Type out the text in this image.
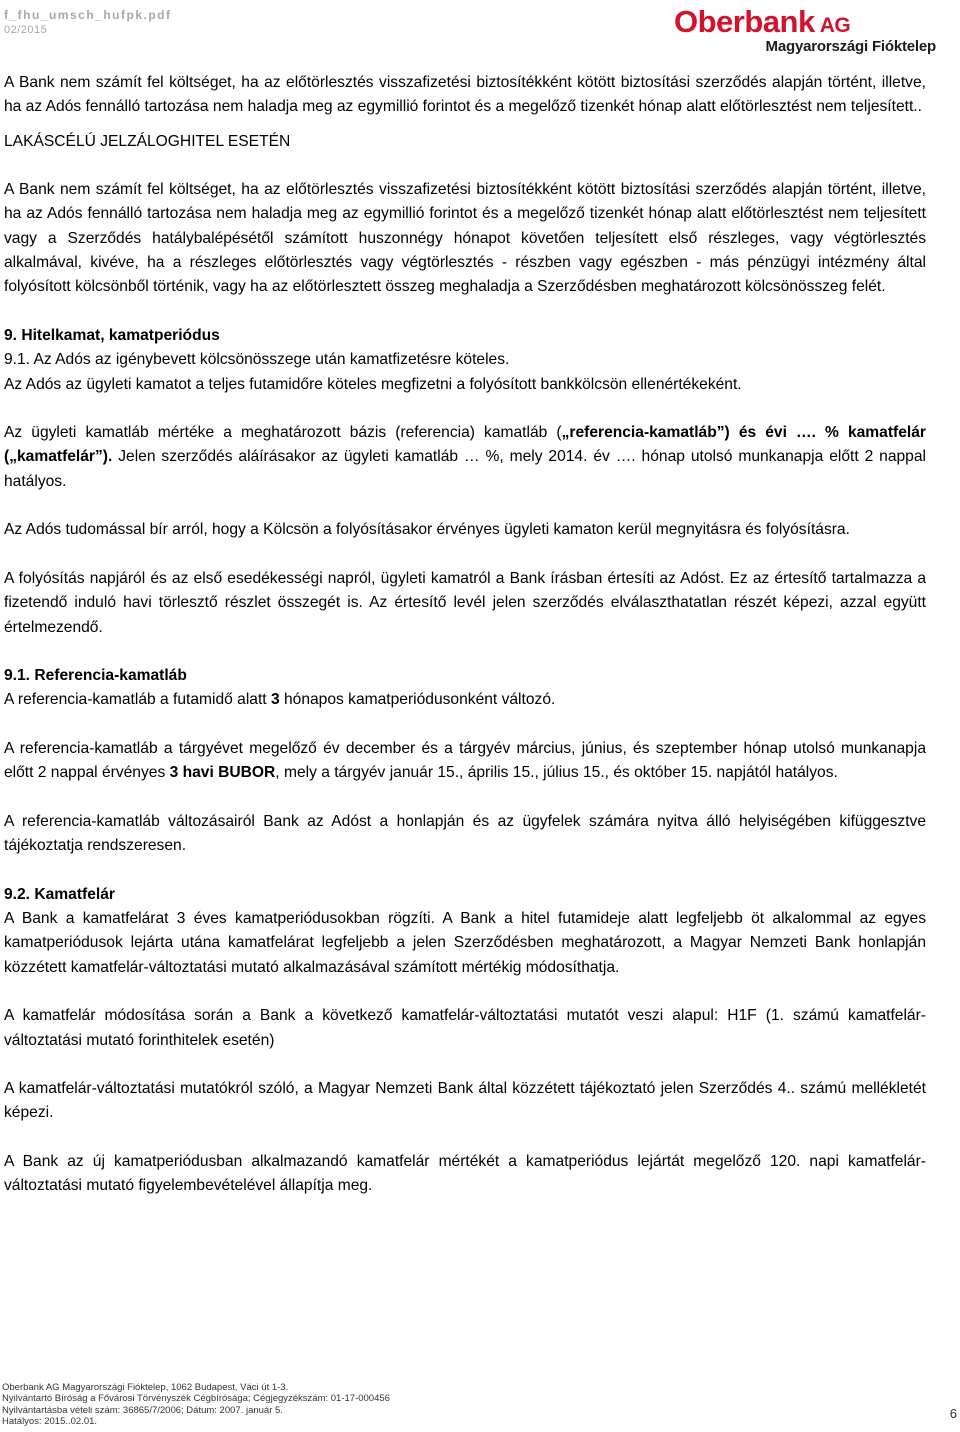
f_fhu_umsch_hufpk.pdf
02/2015	Oberbank AG
Magyarországi Fióktelep

A Bank nem számít fel költséget, ha az előtörlesztés visszafizetési biztosítékként kötött biztosítási szerződés alapján történt, illetve, ha az Adós fennálló tartozása nem haladja meg az egymillió forintot és a megelőző tizenkét hónap alatt előtörlesztést nem teljesített..

LAKÁSCÉLÚ JELZÁLOGHITEL ESETÉN

A Bank nem számít fel költséget, ha az előtörlesztés visszafizetési biztosítékként kötött biztosítási szerződés alapján történt, illetve, ha az Adós fennálló tartozása nem haladja meg az egymillió forintot és a megelőző tizenkét hónap alatt előtörlesztést nem teljesített vagy a Szerződés hatálybalépésétől számított huszonnégy hónapot követően teljesített első részleges, vagy végtörlesztés alkalmával, kivéve, ha a részleges előtörlesztés vagy végtörlesztés - részben vagy egészben - más pénzügyi intézmény által folyósított kölcsönből történik, vagy ha az előtörlesztett összeg meghaladja a Szerződésben meghatározott kölcsönösszeg felét.

9. Hitelkamat, kamatperiódus

9.1. Az Adós az igénybevett kölcsönösszege után kamatfizetésre köteles.

Az Adós az ügyleti kamatot a teljes futamidőre köteles megfizetni a folyósított bankkölcsön ellenértékeként.

Az ügyleti kamatláb mértéke a meghatározott bázis (referencia) kamatláb („referencia-kamatláb”) és évi …. % kamatfelár („kamatfelár”). Jelen szerződés aláírásakor az ügyleti kamatláb … %, mely 2014. év …. hónap utolsó munkanapja előtt 2 nappal hatályos.

Az Adós tudomással bír arról, hogy a Kölcsön a folyósításakor érvényes ügyleti kamaton kerül megnyitásra és folyósításra.

A folyósítás napjáról és az első esedékességi napról, ügyleti kamatról a Bank írásban értesíti az Adóst. Ez az értesítő tartalmazza a fizetendő induló havi törlesztő részlet összegét is. Az értesítő levél jelen szerződés elválaszthatatlan részét képezi, azzal együtt értelmezendő.

9.1. Referencia-kamatláb

A referencia-kamatláb a futamidő alatt 3 hónapos kamatperiódusonként változó.

A referencia-kamatláb a tárgyévet megelőző év december és a tárgyév március, június, és szeptember hónap utolsó munkanapja előtt 2 nappal érvényes 3 havi BUBOR, mely a tárgyév január 15., április 15., július 15., és október 15. napjától hatályos.

A referencia-kamatláb változásairól Bank az Adóst a honlapján és az ügyfelek számára nyitva álló helyiségében kifüggesztve tájékoztatja rendszeresen.

9.2. Kamatfelár

A Bank a kamatfelárat 3 éves kamatperiódusokban rögzíti. A Bank a hitel futamideje alatt legfeljebb öt alkalommal az egyes kamatperiódusok lejárta utána kamatfelárat legfeljebb a jelen Szerződésben meghatározott, a Magyar Nemzeti Bank honlapján közzétett kamatfelár-változtatási mutató alkalmazásával számított mértékig módosíthatja.

A kamatfelár módosítása során a Bank a következő kamatfelár-változtatási mutatót veszi alapul: H1F (1. számú kamatfelár-változtatási mutató forinthitelek esetén)

A kamatfelár-változtatási mutatókról szóló, a Magyar Nemzeti Bank által közzétett tájékoztató jelen Szerződés 4.. számú mellékletét képezi.

A Bank az új kamatperiódusban alkalmazandó kamatfelár mértékét a kamatperiódus lejártát megelőző 120. napi kamatfelár-változtatási mutató figyelembevételével állapítja meg.

Oberbank AG Magyarországi Fióktelep, 1062 Budapest, Váci út 1-3.
Nyilvántartó Bíróság a Fővárosi Törvényszék Cégbírósága; Cégjegyzékszám: 01-17-000456
Nyilvántartásba vételi szám: 36865/7/2006; Dátum: 2007. január 5.
Hatályos: 2015..02.01.
6
